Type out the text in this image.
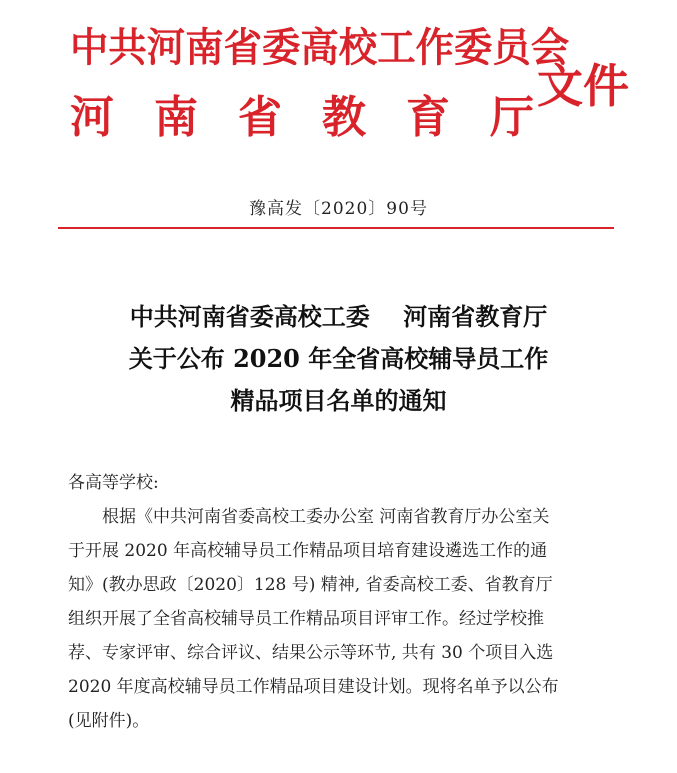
中共河南省委高校工作委员会
河南省教育厅
文件
豫高发〔2020〕90号
中共河南省委高校工委    河南省教育厅
关于公布 2020 年全省高校辅导员工作
精品项目名单的通知

各高等学校:

根据《中共河南省委高校工委办公室 河南省教育厅办公室关

于开展 2020 年高校辅导员工作精品项目培育建设遴选工作的通

知》(教办思政〔2020〕128 号) 精神, 省委高校工委、省教育厅

组织开展了全省高校辅导员工作精品项目评审工作。经过学校推

荐、专家评审、综合评议、结果公示等环节, 共有 30 个项目入选

2020 年度高校辅导员工作精品项目建设计划。现将名单予以公布

(见附件)。
